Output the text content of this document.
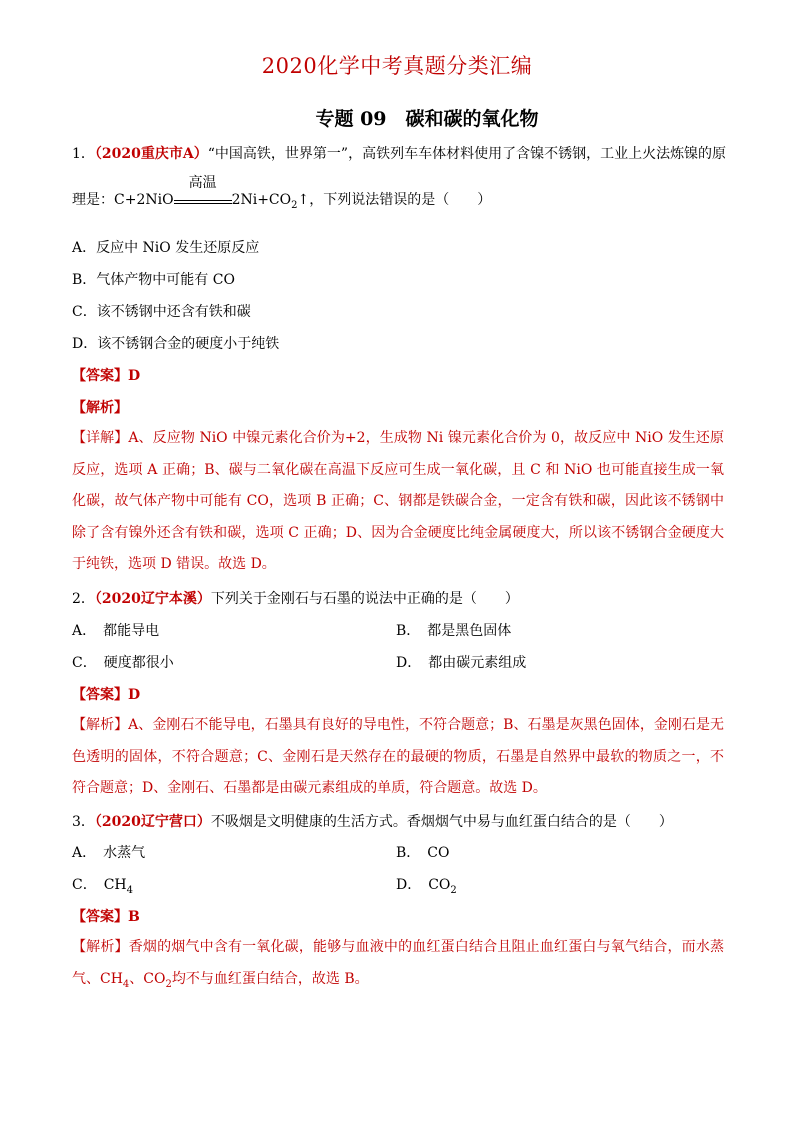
2020化学中考真题分类汇编
专题 09　碳和碳的氧化物
1．（2020重庆市A）“中国高铁，世界第一”，高铁列车车体材料使用了含镍不锈钢，工业上火法炼镍的原
理是：C+2NiO
高温
$2Ni+CO_2↑$，下列说法错误的是（　　）
A．反应中 NiO 发生还原反应
B．气体产物中可能有 CO
C．该不锈钢中还含有铁和碳
D．该不锈钢合金的硬度小于纯铁
【答案】D
【解析】
【详解】A、反应物 NiO 中镍元素化合价为+2，生成物 Ni 镍元素化合价为 0，故反应中 NiO 发生还原反应，选项 A 正确；B、碳与二氧化碳在高温下反应可生成一氧化碳，且 C 和 NiO 也可能直接生成一氧化碳，故气体产物中可能有 CO，选项 B 正确；C、钢都是铁碳合金，一定含有铁和碳，因此该不锈钢中除了含有镍外还含有铁和碳，选项 C 正确；D、因为合金硬度比纯金属硬度大，所以该不锈钢合金硬度大于纯铁，选项 D 错误。故选 D。
2．（2020辽宁本溪）下列关于金刚石与石墨的说法中正确的是（　　）
A．　都能导电	B．　都是黑色固体
C．　硬度都很小	D．　都由碳元素组成
【答案】D
【解析】A、金刚石不能导电，石墨具有良好的导电性，不符合题意；B、石墨是灰黑色固体，金刚石是无色透明的固体，不符合题意；C、金刚石是天然存在的最硬的物质，石墨是自然界中最软的物质之一，不符合题意；D、金刚石、石墨都是由碳元素组成的单质，符合题意。故选 D。
3．（2020辽宁营口）不吸烟是文明健康的生活方式。香烟烟气中易与血红蛋白结合的是（　　）
A．　水蒸气	B．　CO
C．　$CH_4$	D．　$CO_2$
【答案】B
【解析】香烟的烟气中含有一氧化碳，能够与血液中的血红蛋白结合且阻止血红蛋白与氧气结合，而水蒸气、$CH_4$、$CO_2$均不与血红蛋白结合，故选 B。
